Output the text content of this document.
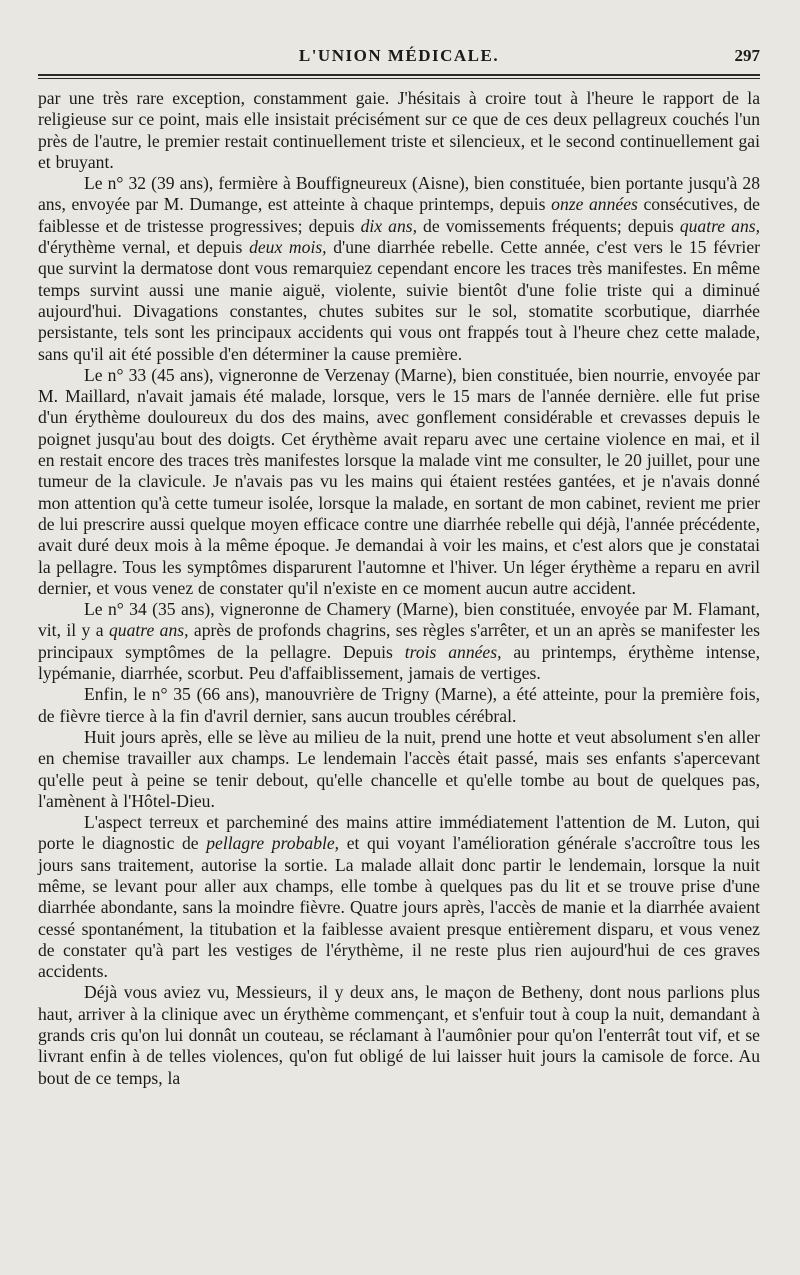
L'UNION MÉDICALE.	297

par une très rare exception, constamment gaie. J'hésitais à croire tout à l'heure le rapport de la religieuse sur ce point, mais elle insistait précisément sur ce que de ces deux pellagreux couchés l'un près de l'autre, le premier restait continuellement triste et silencieux, et le second continuellement gai et bruyant.

Le n° 32 (39 ans), fermière à Bouffigneureux (Aisne), bien constituée, bien portante jusqu'à 28 ans, envoyée par M. Dumange, est atteinte à chaque printemps, depuis onze années consécutives, de faiblesse et de tristesse progressives; depuis dix ans, de vomissements fréquents; depuis quatre ans, d'érythème vernal, et depuis deux mois, d'une diarrhée rebelle. Cette année, c'est vers le 15 février que survint la dermatose dont vous remarquiez cependant encore les traces très manifestes. En même temps survint aussi une manie aiguë, violente, suivie bientôt d'une folie triste qui a diminué aujourd'hui. Divagations constantes, chutes subites sur le sol, stomatite scorbutique, diarrhée persistante, tels sont les principaux accidents qui vous ont frappés tout à l'heure chez cette malade, sans qu'il ait été possible d'en déterminer la cause première.

Le n° 33 (45 ans), vigneronne de Verzenay (Marne), bien constituée, bien nourrie, envoyée par M. Maillard, n'avait jamais été malade, lorsque, vers le 15 mars de l'année dernière. elle fut prise d'un érythème douloureux du dos des mains, avec gonflement considérable et crevasses depuis le poignet jusqu'au bout des doigts. Cet érythème avait reparu avec une certaine violence en mai, et il en restait encore des traces très manifestes lorsque la malade vint me consulter, le 20 juillet, pour une tumeur de la clavicule. Je n'avais pas vu les mains qui étaient restées gantées, et je n'avais donné mon attention qu'à cette tumeur isolée, lorsque la malade, en sortant de mon cabinet, revient me prier de lui prescrire aussi quelque moyen efficace contre une diarrhée rebelle qui déjà, l'année précédente, avait duré deux mois à la même époque. Je demandai à voir les mains, et c'est alors que je constatai la pellagre. Tous les symptômes disparurent l'automne et l'hiver. Un léger érythème a reparu en avril dernier, et vous venez de constater qu'il n'existe en ce moment aucun autre accident.

Le n° 34 (35 ans), vigneronne de Chamery (Marne), bien constituée, envoyée par M. Flamant, vit, il y a quatre ans, après de profonds chagrins, ses règles s'arrêter, et un an après se manifester les principaux symptômes de la pellagre. Depuis trois années, au printemps, érythème intense, lypémanie, diarrhée, scorbut. Peu d'affaiblissement, jamais de vertiges.

Enfin, le n° 35 (66 ans), manouvrière de Trigny (Marne), a été atteinte, pour la première fois, de fièvre tierce à la fin d'avril dernier, sans aucun troubles cérébral.

Huit jours après, elle se lève au milieu de la nuit, prend une hotte et veut absolument s'en aller en chemise travailler aux champs. Le lendemain l'accès était passé, mais ses enfants s'apercevant qu'elle peut à peine se tenir debout, qu'elle chancelle et qu'elle tombe au bout de quelques pas, l'amènent à l'Hôtel-Dieu.

L'aspect terreux et parcheminé des mains attire immédiatement l'attention de M. Luton, qui porte le diagnostic de pellagre probable, et qui voyant l'amélioration générale s'accroître tous les jours sans traitement, autorise la sortie. La malade allait donc partir le lendemain, lorsque la nuit même, se levant pour aller aux champs, elle tombe à quelques pas du lit et se trouve prise d'une diarrhée abondante, sans la moindre fièvre. Quatre jours après, l'accès de manie et la diarrhée avaient cessé spontanément, la titubation et la faiblesse avaient presque entièrement disparu, et vous venez de constater qu'à part les vestiges de l'érythème, il ne reste plus rien aujourd'hui de ces graves accidents.

Déjà vous aviez vu, Messieurs, il y deux ans, le maçon de Betheny, dont nous parlions plus haut, arriver à la clinique avec un érythème commençant, et s'enfuir tout à coup la nuit, demandant à grands cris qu'on lui donnât un couteau, se réclamant à l'aumônier pour qu'on l'enterrât tout vif, et se livrant enfin à de telles violences, qu'on fut obligé de lui laisser huit jours la camisole de force. Au bout de ce temps, la
